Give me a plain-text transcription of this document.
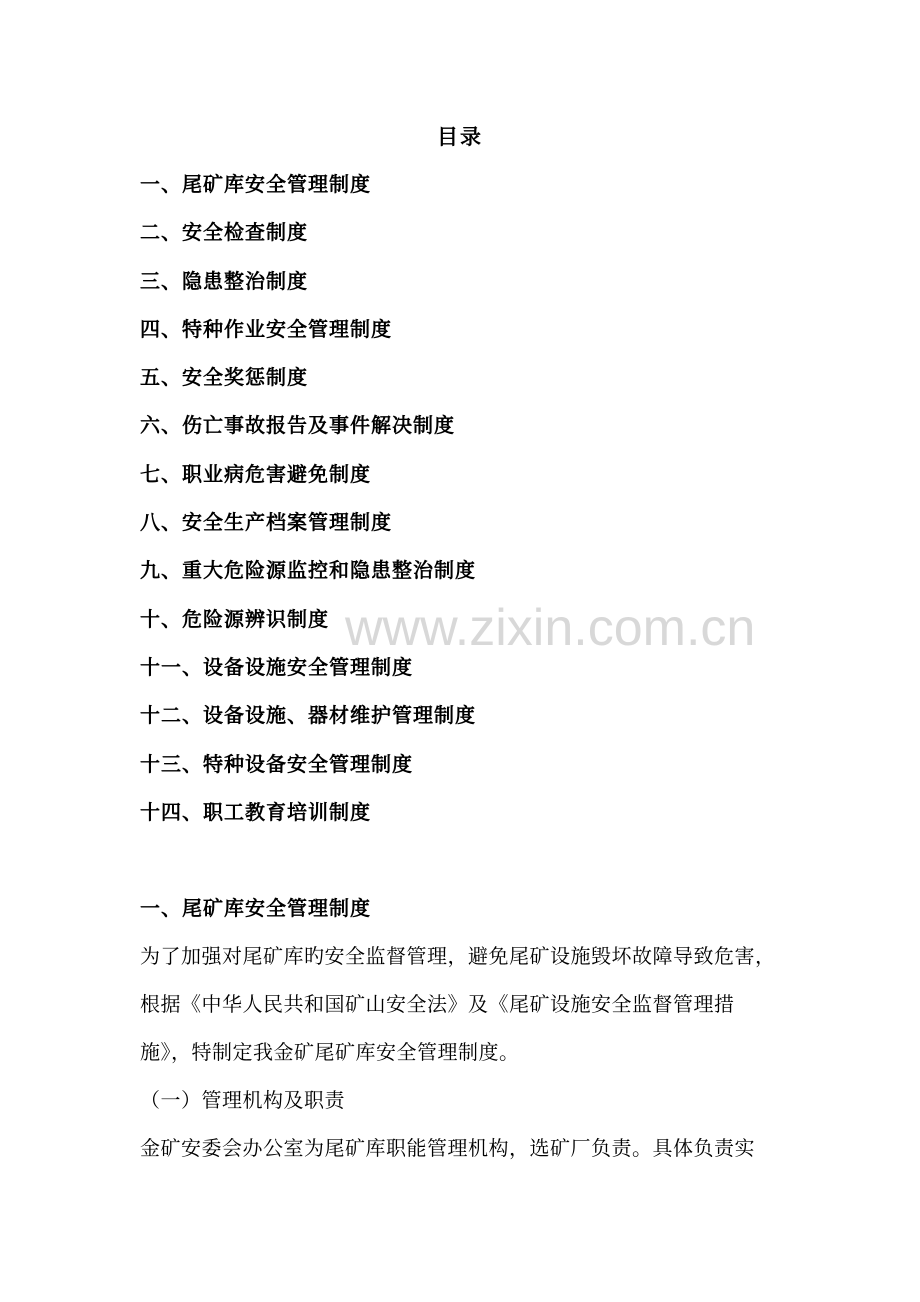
目录
一、尾矿库安全管理制度
二、安全检查制度
三、隐患整治制度
四、特种作业安全管理制度
五、安全奖惩制度
六、伤亡事故报告及事件解决制度
七、职业病危害避免制度
八、安全生产档案管理制度
九、重大危险源监控和隐患整治制度
十、危险源辨识制度
十一、设备设施安全管理制度
十二、设备设施、器材维护管理制度
十三、特种设备安全管理制度
十四、职工教育培训制度
一、尾矿库安全管理制度
为了加强对尾矿库旳安全监督管理，避免尾矿设施毁坏故障导致危害，
根据《中华人民共和国矿山安全法》及《尾矿设施安全监督管理措
施》，特制定我金矿尾矿库安全管理制度。
（一）管理机构及职责
金矿安委会办公室为尾矿库职能管理机构，选矿厂负责。具体负责实
www.zixin.com.cn
